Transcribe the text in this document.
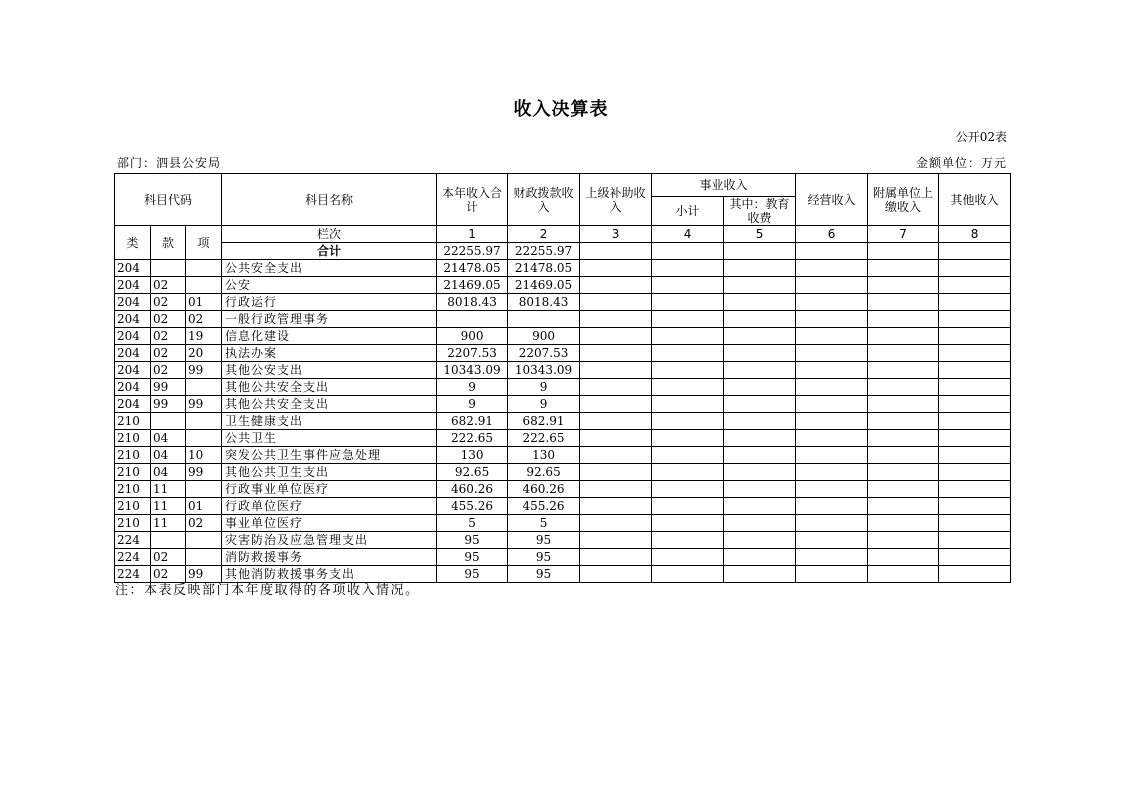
收入决算表
公开02表
部门：泗县公安局	金额单位：万元
科目代码			科目名称	本年收入合计	财政拨款收入	上级补助收入	事业收入		经营收入	附属单位上缴收入	其他收入
							小计	其中：教育收费			
类	款	项	栏次	1	2	3	4	5	6	7	8
			合计	22255.97	22255.97						
204			公共安全支出	21478.05	21478.05						
204	02		公安	21469.05	21469.05						
204	02	01	行政运行	8018.43	8018.43						
204	02	02	一般行政管理事务								
204	02	19	信息化建设	900	900						
204	02	20	执法办案	2207.53	2207.53						
204	02	99	其他公安支出	10343.09	10343.09						
204	99		其他公共安全支出	9	9						
204	99	99	其他公共安全支出	9	9						
210			卫生健康支出	682.91	682.91						
210	04		公共卫生	222.65	222.65						
210	04	10	突发公共卫生事件应急处理	130	130						
210	04	99	其他公共卫生支出	92.65	92.65						
210	11		行政事业单位医疗	460.26	460.26						
210	11	01	行政单位医疗	455.26	455.26						
210	11	02	事业单位医疗	5	5						
224			灾害防治及应急管理支出	95	95						
224	02		消防救援事务	95	95						
224	02	99	其他消防救援事务支出	95	95						
注：本表反映部门本年度取得的各项收入情况。
